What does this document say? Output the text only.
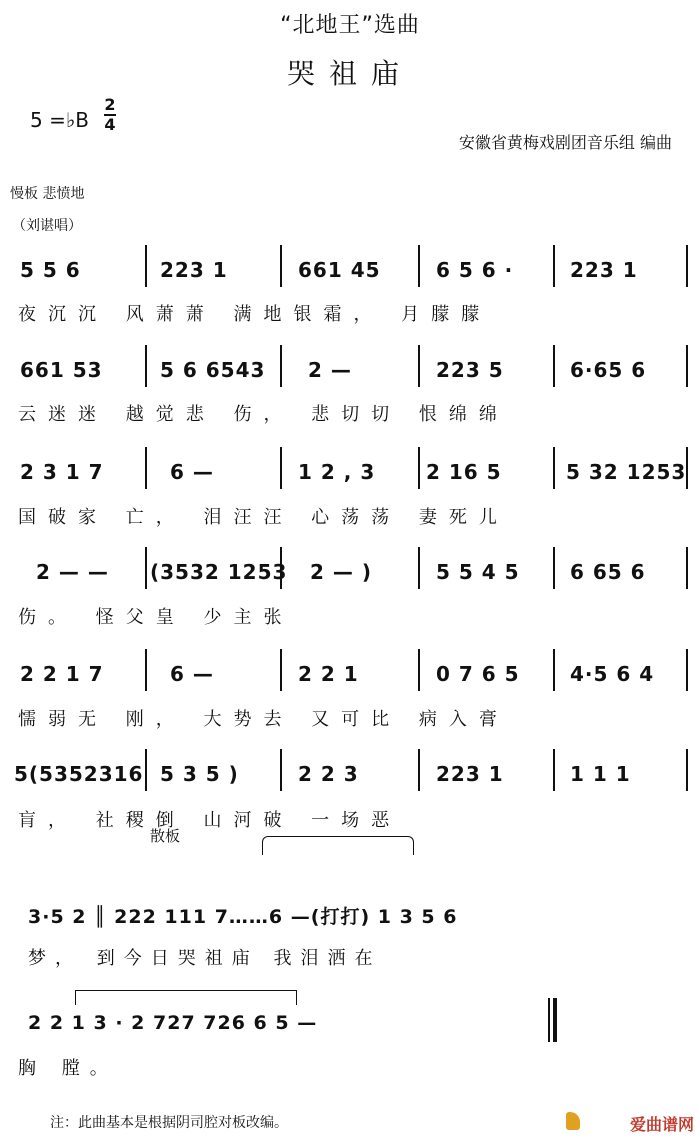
“北地王”选曲
哭祖庙
5 =♭B
2
4
安徽省黄梅戏剧团音乐组 编曲
慢板 悲愤地
（刘谌唱）
5 5 6	223 1	661 45	6 5 6 ·	223 1
夜沉沉 风萧萧 满地银霜， 月朦朦
661 53	5 6 6543 2 —	223 5	6·65 6
云迷迷 越觉悲 伤， 悲切切 恨绵绵
2 3 1 7	6 —	1 2 , 3	2 16 5	5 32 1253
国破家 亡， 泪汪汪 心荡荡 妻死儿
2 — — (3532 1253 2 — )	5 5 4 5	6 65 6
伤。 怪父皇 少主张
2 2 1 7	6 —	2 2 1	0 7 6 5	4·5 6 4
懦弱无 刚， 大势去 又可比 病入膏
5(5352316 5 3 5 )	2 2 3	223 1	1 1 1
肓， 社稷倒 山河破 一场恶
散板
3·5 2 ║ 222 111 7……6 —(打打) 1 3 5 6
梦， 到今日哭祖庙 我泪洒在
2 2 1 3 · 2 727 726 6 5 —
胸 膛。
注：此曲基本是根据阴司腔对板改编。	爱曲谱网
